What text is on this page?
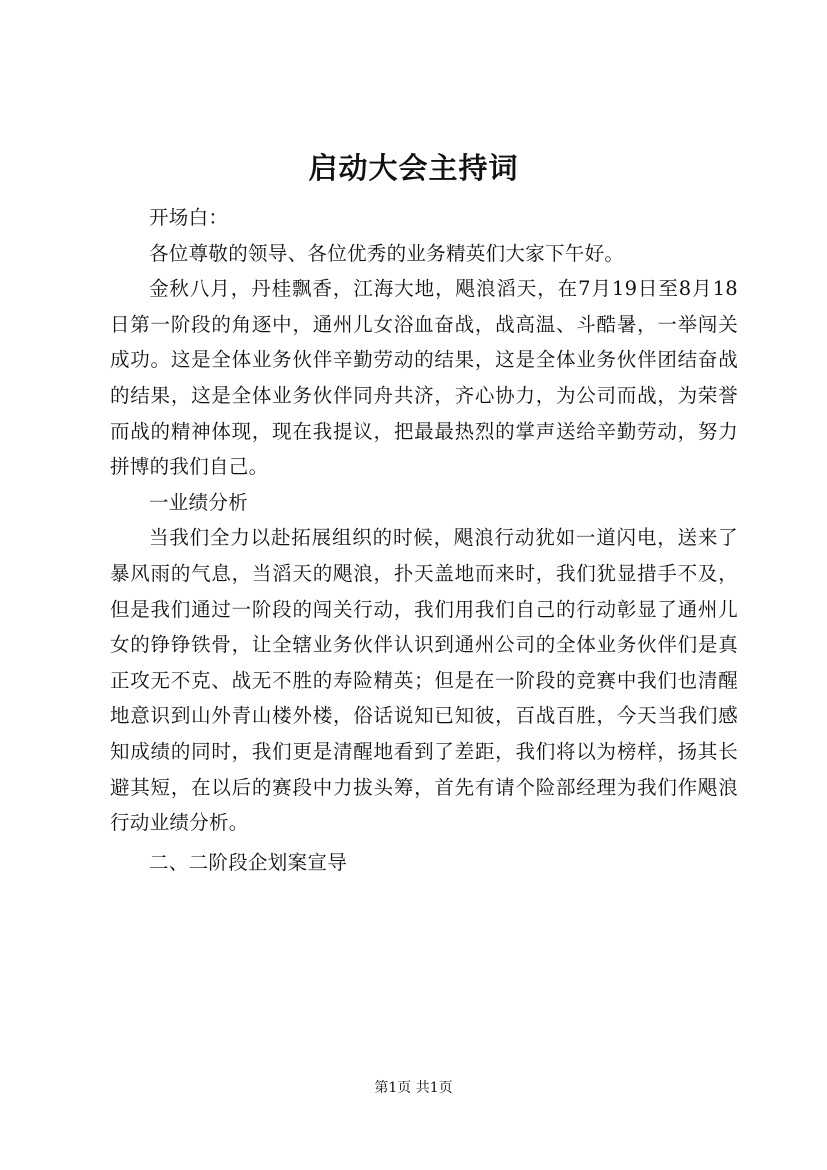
启动大会主持词

开场白：

各位尊敬的领导、各位优秀的业务精英们大家下午好。

金秋八月，丹桂飘香，江海大地，飓浪滔天，在7月19日至8月18日第一阶段的角逐中，通州儿女浴血奋战，战高温、斗酷暑，一举闯关成功。这是全体业务伙伴辛勤劳动的结果，这是全体业务伙伴团结奋战的结果，这是全体业务伙伴同舟共济，齐心协力，为公司而战，为荣誉而战的精神体现，现在我提议，把最最热烈的掌声送给辛勤劳动，努力拼博的我们自己。

一业绩分析

当我们全力以赴拓展组织的时候，飓浪行动犹如一道闪电，送来了暴风雨的气息，当滔天的飓浪，扑天盖地而来时，我们犹显措手不及，但是我们通过一阶段的闯关行动，我们用我们自己的行动彰显了通州儿女的铮铮铁骨，让全辖业务伙伴认识到通州公司的全体业务伙伴们是真正攻无不克、战无不胜的寿险精英；但是在一阶段的竞赛中我们也清醒地意识到山外青山楼外楼，俗话说知已知彼，百战百胜，今天当我们感知成绩的同时，我们更是清醒地看到了差距，我们将以为榜样，扬其长避其短，在以后的赛段中力拔头筹，首先有请个险部经理为我们作飓浪行动业绩分析。

二、二阶段企划案宣导

第1页 共1页
